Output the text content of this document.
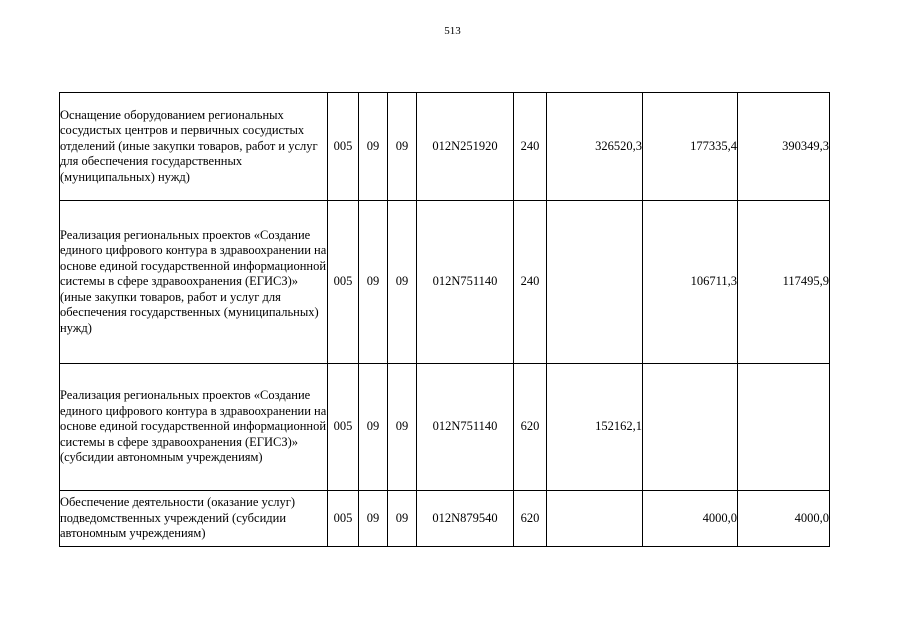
513
Оснащение оборудованием региональных сосудистых центров и первичных сосудистых отделений (иные закупки товаров, работ и услуг для обеспечения государственных (муниципальных) нужд)	005	09	09	012N251920	240	326520,3	177335,4	390349,3
Реализация региональных проектов «Создание единого цифрового контура в здравоохранении на основе единой государственной информационной системы в сфере здравоохранения (ЕГИСЗ)» (иные закупки товаров, работ и услуг для обеспечения государственных (муниципальных) нужд)	005	09	09	012N751140	240		106711,3	117495,9
Реализация региональных проектов «Создание единого цифрового контура в здравоохранении на основе единой государственной информационной системы в сфере здравоохранения (ЕГИСЗ)» (субсидии автономным учреждениям)	005	09	09	012N751140	620	152162,1		
Обеспечение деятельности (оказание услуг) подведомственных учреждений (субсидии автономным учреждениям)	005	09	09	012N879540	620		4000,0	4000,0
